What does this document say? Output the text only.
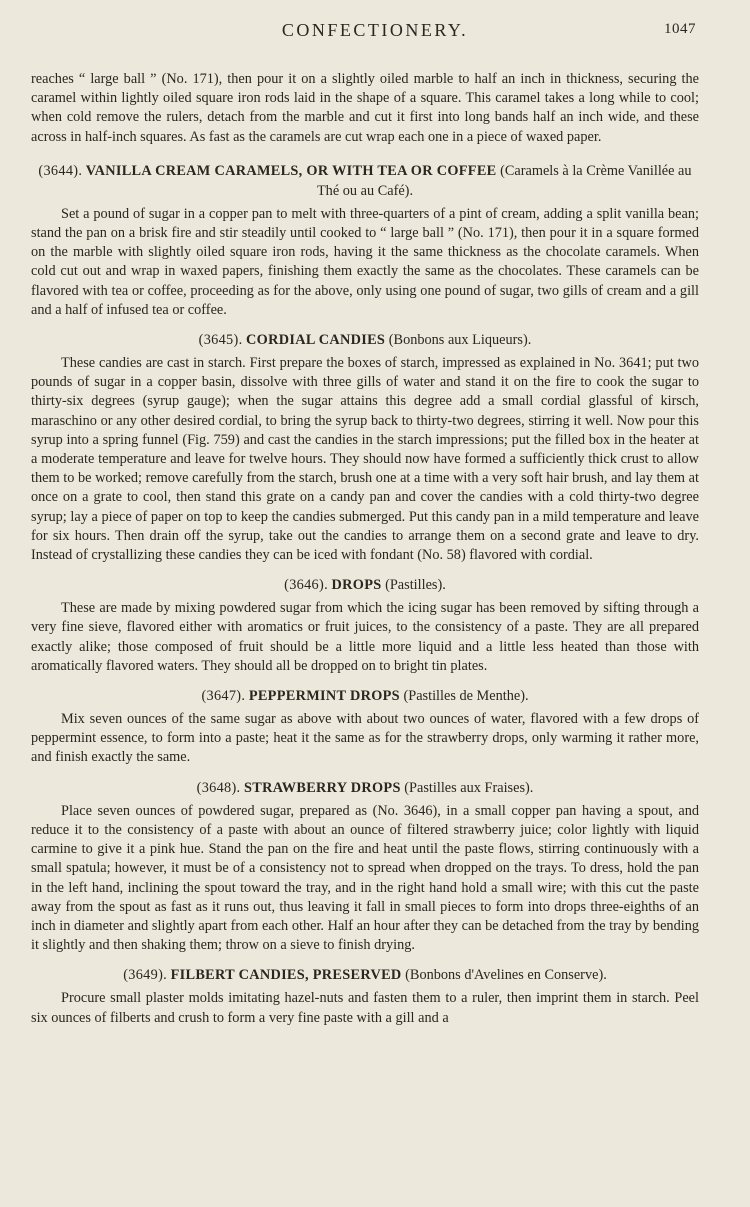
CONFECTIONERY.	1047

reaches “ large ball ” (No. 171), then pour it on a slightly oiled marble to half an inch in thickness, securing the caramel within lightly oiled square iron rods laid in the shape of a square. This caramel takes a long while to cool; when cold remove the rulers, detach from the marble and cut it first into long bands half an inch wide, and these across in half-inch squares. As fast as the caramels are cut wrap each one in a piece of waxed paper.

(3644). VANILLA CREAM CARAMELS, OR WITH TEA OR COFFEE (Caramels à la Crème Vanillée au Thé ou au Café).

Set a pound of sugar in a copper pan to melt with three-quarters of a pint of cream, adding a split vanilla bean; stand the pan on a brisk fire and stir steadily until cooked to “ large ball ” (No. 171), then pour it in a square formed on the marble with slightly oiled square iron rods, having it the same thickness as the chocolate caramels. When cold cut out and wrap in waxed papers, finishing them exactly the same as the chocolates. These caramels can be flavored with tea or coffee, proceeding as for the above, only using one pound of sugar, two gills of cream and a gill and a half of infused tea or coffee.

(3645). CORDIAL CANDIES (Bonbons aux Liqueurs).

These candies are cast in starch. First prepare the boxes of starch, impressed as explained in No. 3641; put two pounds of sugar in a copper basin, dissolve with three gills of water and stand it on the fire to cook the sugar to thirty-six degrees (syrup gauge); when the sugar attains this degree add a small cordial glassful of kirsch, maraschino or any other desired cordial, to bring the syrup back to thirty-two degrees, stirring it well. Now pour this syrup into a spring funnel (Fig. 759) and cast the candies in the starch impressions; put the filled box in the heater at a moderate temperature and leave for twelve hours. They should now have formed a sufficiently thick crust to allow them to be worked; remove carefully from the starch, brush one at a time with a very soft hair brush, and lay them at once on a grate to cool, then stand this grate on a candy pan and cover the candies with a cold thirty-two degree syrup; lay a piece of paper on top to keep the candies submerged. Put this candy pan in a mild temperature and leave for six hours. Then drain off the syrup, take out the candies to arrange them on a second grate and leave to dry. Instead of crystallizing these candies they can be iced with fondant (No. 58) flavored with cordial.

(3646). DROPS (Pastilles).

These are made by mixing powdered sugar from which the icing sugar has been removed by sifting through a very fine sieve, flavored either with aromatics or fruit juices, to the consistency of a paste. They are all prepared exactly alike; those composed of fruit should be a little more liquid and a little less heated than those with aromatically flavored waters. They should all be dropped on to bright tin plates.

(3647). PEPPERMINT DROPS (Pastilles de Menthe).

Mix seven ounces of the same sugar as above with about two ounces of water, flavored with a few drops of peppermint essence, to form into a paste; heat it the same as for the strawberry drops, only warming it rather more, and finish exactly the same.

(3648). STRAWBERRY DROPS (Pastilles aux Fraises).

Place seven ounces of powdered sugar, prepared as (No. 3646), in a small copper pan having a spout, and reduce it to the consistency of a paste with about an ounce of filtered strawberry juice; color lightly with liquid carmine to give it a pink hue. Stand the pan on the fire and heat until the paste flows, stirring continuously with a small spatula; however, it must be of a consistency not to spread when dropped on the trays. To dress, hold the pan in the left hand, inclining the spout toward the tray, and in the right hand hold a small wire; with this cut the paste away from the spout as fast as it runs out, thus leaving it fall in small pieces to form into drops three-eighths of an inch in diameter and slightly apart from each other. Half an hour after they can be detached from the tray by bending it slightly and then shaking them; throw on a sieve to finish drying.

(3649). FILBERT CANDIES, PRESERVED (Bonbons d'Avelines en Conserve).

Procure small plaster molds imitating hazel-nuts and fasten them to a ruler, then imprint them in starch. Peel six ounces of filberts and crush to form a very fine paste with a gill and a
